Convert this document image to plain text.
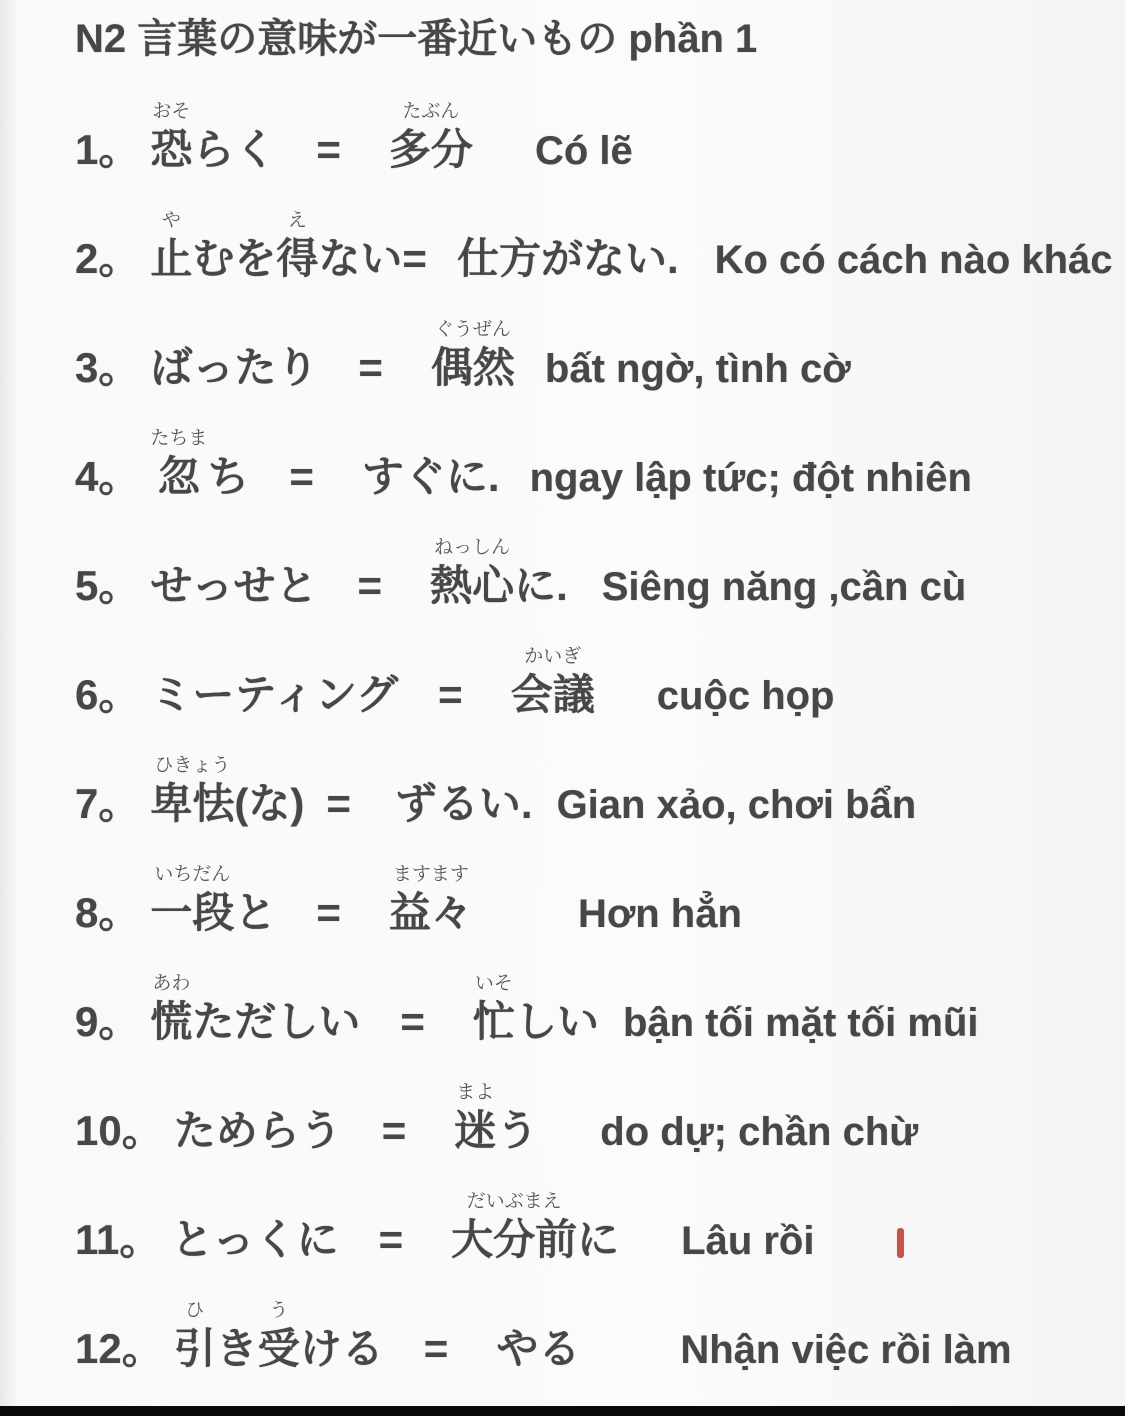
N2 言葉の意味が一番近いもの phần 1
1。
おそ
恐
らく =
たぶん
多分 Có lẽ
2。
や
止
むを
え
得
ない =
仕方がない. Ko có cách nào khác
3。
ばったり =
ぐうぜん
偶然 bất ngờ, tình cờ
4。
たちま
忽
ち =
すぐに. ngay lập tức; đột nhiên
5。
せっせと =
ねっしん
熱心
に. Siêng năng ,cần cù
6。
ミーティング =
かいぎ
会議 cuộc họp
7。
ひきょう
卑怯
(な) =
ずるい. Gian xảo, chơi bẩn
8。
いちだん
一段
と =
ますます
益々	Hơn hẳn
9。
あわ
慌
ただしい =
いそ
忙
しい bận tối mặt tối mũi
10。
ためらう =
まよ
迷
う do dự; chần chừ
11。
とっくに =
だいぶまえ
大分前
に Lâu rồi
12。
ひ
引
き
う
受
ける =
やる	Nhận việc rồi làm
